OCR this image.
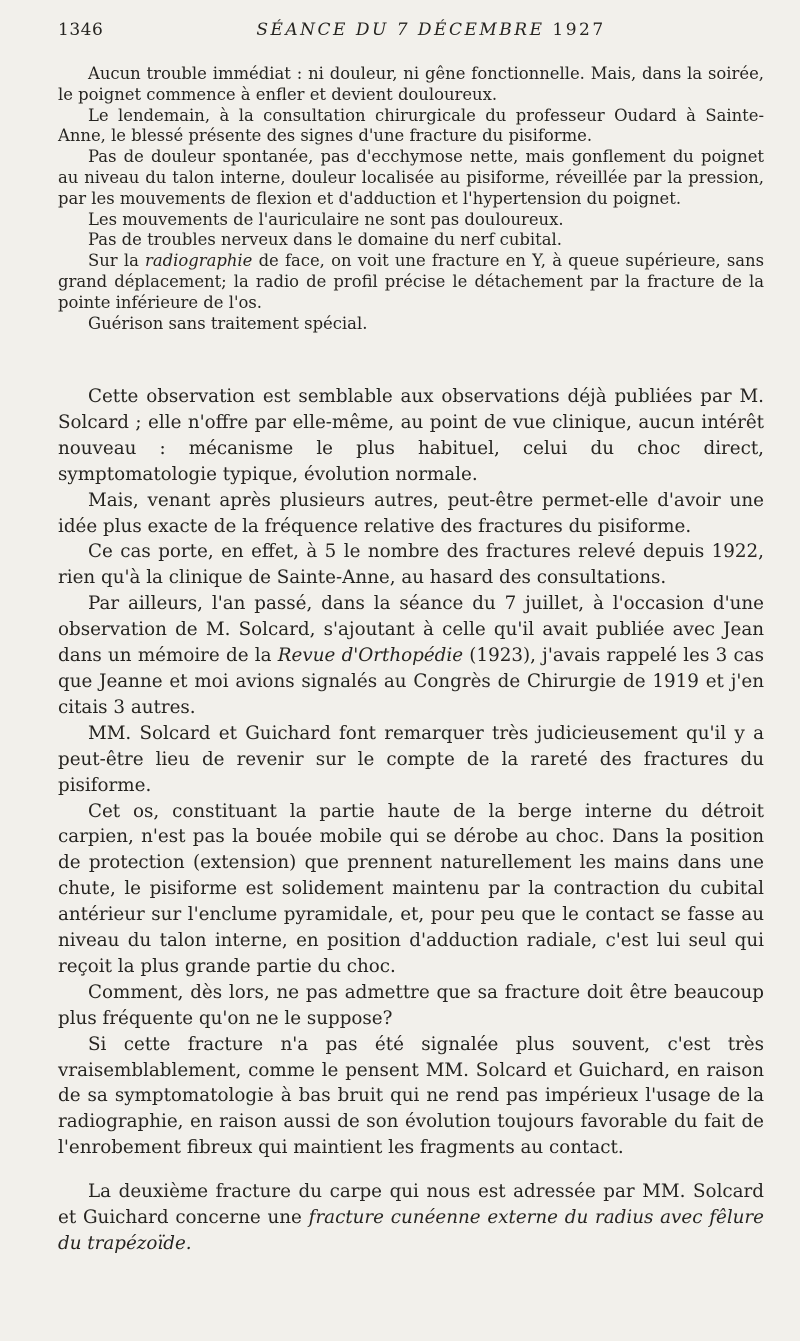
1346	SÉANCE DU 7 DÉCEMBRE 1927

Aucun trouble immédiat : ni douleur, ni gêne fonctionnelle. Mais, dans la soirée, le poignet commence à enfler et devient douloureux.

Le lendemain, à la consultation chirurgicale du professeur Oudard à Sainte-Anne, le blessé présente des signes d'une fracture du pisiforme.

Pas de douleur spontanée, pas d'ecchymose nette, mais gonflement du poignet au niveau du talon interne, douleur localisée au pisiforme, réveillée par la pression, par les mouvements de flexion et d'adduction et l'hypertension du poignet.

Les mouvements de l'auriculaire ne sont pas douloureux.

Pas de troubles nerveux dans le domaine du nerf cubital.

Sur la radiographie de face, on voit une fracture en Y, à queue supérieure, sans grand déplacement; la radio de profil précise le détachement par la fracture de la pointe inférieure de l'os.

Guérison sans traitement spécial.

Cette observation est semblable aux observations déjà publiées par M. Solcard ; elle n'offre par elle-même, au point de vue clinique, aucun intérêt nouveau : mécanisme le plus habituel, celui du choc direct, symptomatologie typique, évolution normale.

Mais, venant après plusieurs autres, peut-être permet-elle d'avoir une idée plus exacte de la fréquence relative des fractures du pisiforme.

Ce cas porte, en effet, à 5 le nombre des fractures relevé depuis 1922, rien qu'à la clinique de Sainte-Anne, au hasard des consultations.

Par ailleurs, l'an passé, dans la séance du 7 juillet, à l'occasion d'une observation de M. Solcard, s'ajoutant à celle qu'il avait publiée avec Jean dans un mémoire de la Revue d'Orthopédie (1923), j'avais rappelé les 3 cas que Jeanne et moi avions signalés au Congrès de Chirurgie de 1919 et j'en citais 3 autres.

MM. Solcard et Guichard font remarquer très judicieusement qu'il y a peut-être lieu de revenir sur le compte de la rareté des fractures du pisiforme.

Cet os, constituant la partie haute de la berge interne du détroit carpien, n'est pas la bouée mobile qui se dérobe au choc. Dans la position de protection (extension) que prennent naturellement les mains dans une chute, le pisiforme est solidement maintenu par la contraction du cubital antérieur sur l'enclume pyramidale, et, pour peu que le contact se fasse au niveau du talon interne, en position d'adduction radiale, c'est lui seul qui reçoit la plus grande partie du choc.

Comment, dès lors, ne pas admettre que sa fracture doit être beaucoup plus fréquente qu'on ne le suppose?

Si cette fracture n'a pas été signalée plus souvent, c'est très vraisemblablement, comme le pensent MM. Solcard et Guichard, en raison de sa symptomatologie à bas bruit qui ne rend pas impérieux l'usage de la radiographie, en raison aussi de son évolution toujours favorable du fait de l'enrobement fibreux qui maintient les fragments au contact.

La deuxième fracture du carpe qui nous est adressée par MM. Solcard et Guichard concerne une fracture cunéenne externe du radius avec fêlure du trapézoïde.
